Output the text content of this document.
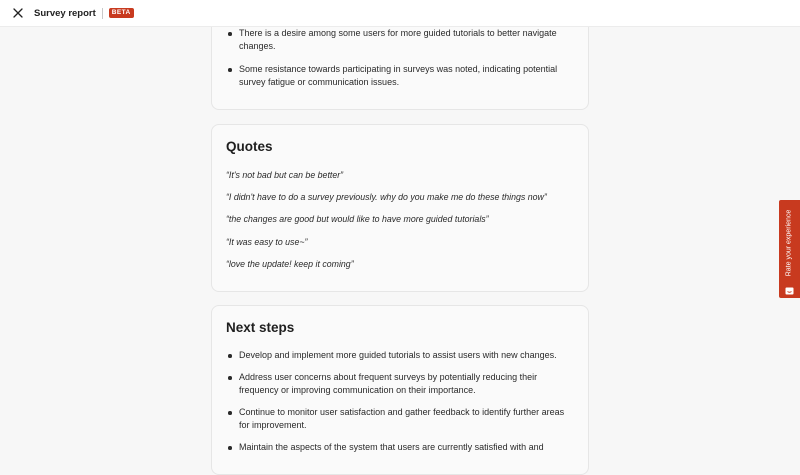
Survey report	BETA
There is a desire among some users for more guided tutorials to better navigate changes.
Some resistance towards participating in surveys was noted, indicating potential survey fatigue or communication issues.
Quotes
“It's not bad but can be better”
“I didn't have to do a survey previously. why do you make me do these things now”
“the changes are good but would like to have more guided tutorials”
“It was easy to use~”
“love the update! keep it coming”
Next steps
Develop and implement more guided tutorials to assist users with new changes.
Address user concerns about frequent surveys by potentially reducing their frequency or improving communication on their importance.
Continue to monitor user satisfaction and gather feedback to identify further areas for improvement.
Maintain the aspects of the system that users are currently satisfied with and
Rate your experience
